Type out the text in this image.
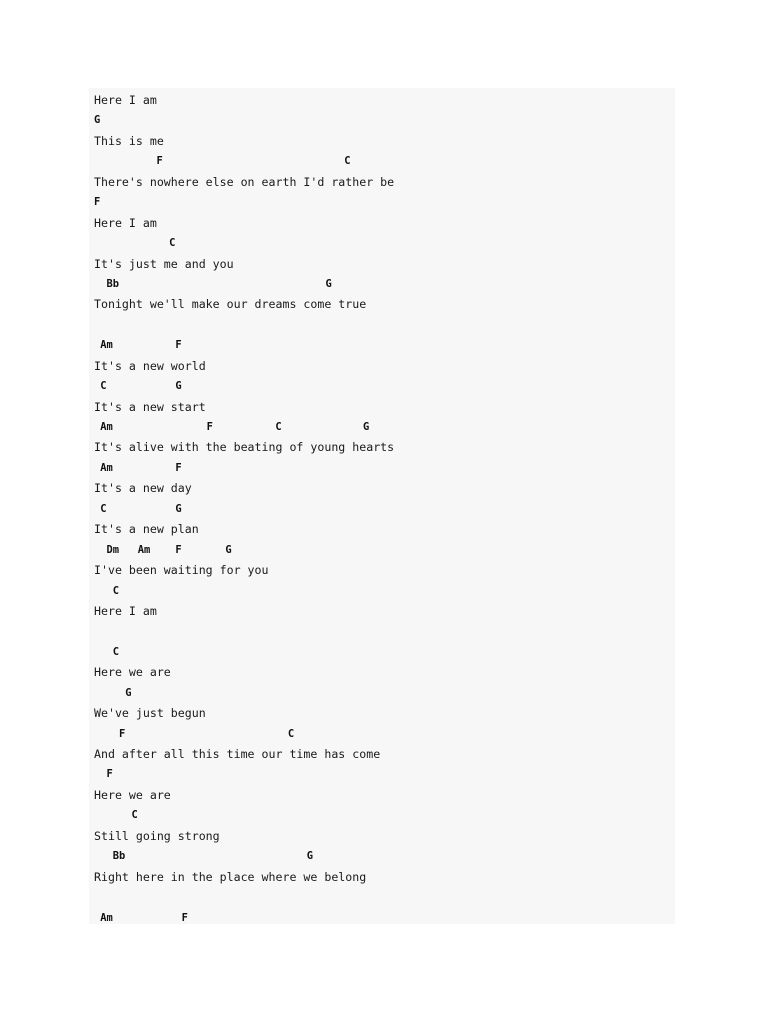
Here I am
G
This is me
F                             C
There's nowhere else on earth I'd rather be
F
Here I am
C
It's just me and you
Bb                                 G
Tonight we'll make our dreams come true
Am          F
It's a new world
C           G
It's a new start
Am               F          C             G
It's alive with the beating of young hearts
Am          F
It's a new day
C           G
It's a new plan
Dm   Am    F       G
I've been waiting for you
C
Here I am
C
Here we are
G
We've just begun
F                          C
And after all this time our time has come
F
Here we are
C
Still going strong
Bb                             G
Right here in the place where we belong
Am           F
